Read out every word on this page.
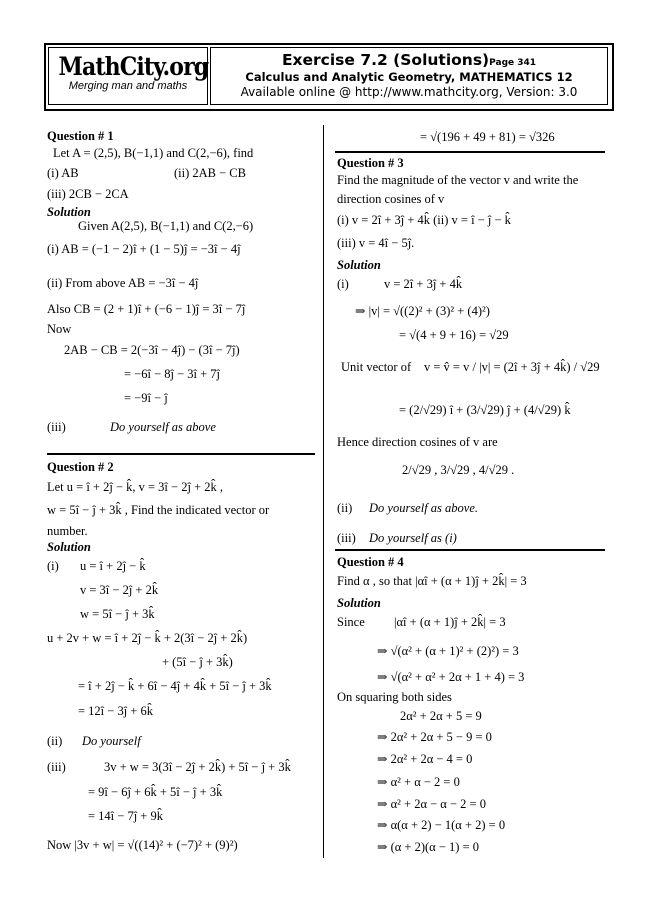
MathCity.org
Merging man and maths
Exercise 7.2 (Solutions)Page 341
Calculus and Analytic Geometry, MATHEMATICS 12
Available online @ http://www.mathcity.org, Version: 3.0
Question # 1
Let A = (2,5), B(−1,1) and C(2,−6), find
(i) AB	(ii) 2AB − CB
(iii) 2CB − 2CA
Solution
Given A(2,5), B(−1,1) and C(2,−6)
(i) AB = (−1 − 2)î + (1 − 5)ĵ = −3î − 4ĵ
(ii) From above AB = −3î − 4ĵ
Also CB = (2 + 1)î + (−6 − 1)ĵ = 3î − 7ĵ
Now
2AB − CB = 2(−3î − 4ĵ) − (3î − 7ĵ)
= −6î − 8ĵ − 3î + 7ĵ
= −9î − ĵ
(iii)	Do yourself as above
Question # 2
Let u = î + 2ĵ − k̂, v = 3î − 2ĵ + 2k̂ ,
w = 5î − ĵ + 3k̂ , Find the indicated vector or
number.
Solution
(i) u = î + 2ĵ − k̂
v = 3î − 2ĵ + 2k̂
w = 5î − ĵ + 3k̂
u + 2v + w = î + 2ĵ − k̂ + 2(3î − 2ĵ + 2k̂)
+ (5î − ĵ + 3k̂)
= î + 2ĵ − k̂ + 6î − 4ĵ + 4k̂ + 5î − ĵ + 3k̂
= 12î − 3ĵ + 6k̂
(ii) Do yourself
(iii)	3v + w = 3(3î − 2ĵ + 2k̂) + 5î − ĵ + 3k̂
= 9î − 6ĵ + 6k̂ + 5î − ĵ + 3k̂
= 14î − 7ĵ + 9k̂
Now |3v + w| = √((14)² + (−7)² + (9)²)
= √(196 + 49 + 81) = √326
Question # 3
Find the magnitude of the vector v and write the
direction cosines of v
(i) v = 2î + 3ĵ + 4k̂ (ii) v = î − ĵ − k̂
(iii) v = 4î − 5ĵ.
Solution
(i)	v = 2î + 3ĵ + 4k̂
⇒ |v| = √((2)² + (3)² + (4)²)
= √(4 + 9 + 16) = √29
Unit vector of v = v̂ = v / |v| = (2î + 3ĵ + 4k̂) / √29
= (2/√29) î + (3/√29) ĵ + (4/√29) k̂
Hence direction cosines of v are
2/√29 , 3/√29 , 4/√29 .
(ii) Do yourself as above.
(iii) Do yourself as (i)
Question # 4
Find α , so that |αî + (α + 1)ĵ + 2k̂| = 3
Solution
Since |αî + (α + 1)ĵ + 2k̂| = 3
⇒ √(α² + (α + 1)² + (2)²) = 3
⇒ √(α² + α² + 2α + 1 + 4) = 3
On squaring both sides
2α² + 2α + 5 = 9
⇒ 2α² + 2α + 5 − 9 = 0
⇒ 2α² + 2α − 4 = 0
⇒ α² + α − 2 = 0
⇒ α² + 2α − α − 2 = 0
⇒ α(α + 2) − 1(α + 2) = 0
⇒ (α + 2)(α − 1) = 0
